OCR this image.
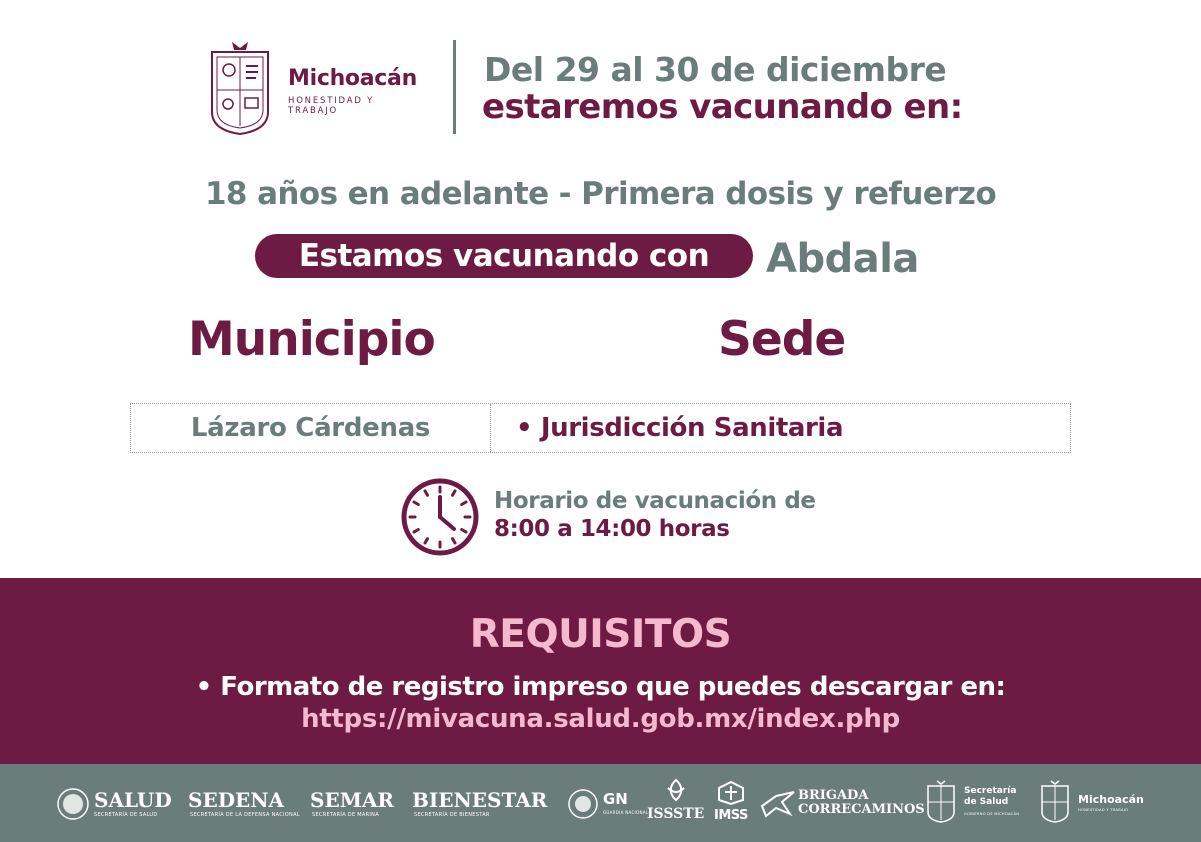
Michoacán
HONESTIDAD Y TRABAJO
Del 29 al 30 de diciembre
estaremos vacunando en:
18 años en adelante - Primera dosis y refuerzo
Estamos vacunando con	Abdala
Municipio	Sede
Lázaro Cárdenas	• Jurisdicción Sanitaria
Horario de vacunación de
8:00 a 14:00 horas
REQUISITOS
• Formato de registro impreso que puedes descargar en:
https://mivacuna.salud.gob.mx/index.php
SALUD
SECRETARÍA DE SALUD
SEDENA
SECRETARÍA DE LA DEFENSA NACIONAL
SEMAR
SECRETARÍA DE MARINA
BIENESTAR
SECRETARÍA DE BIENESTAR
GN
GUARDIA NACIONAL
ISSSTE IMSS
BRIGADA
CORRECAMINOS
Secretaría
de Salud
GOBIERNO DE MICHOACÁN
Michoacán
HONESTIDAD Y TRABAJO
